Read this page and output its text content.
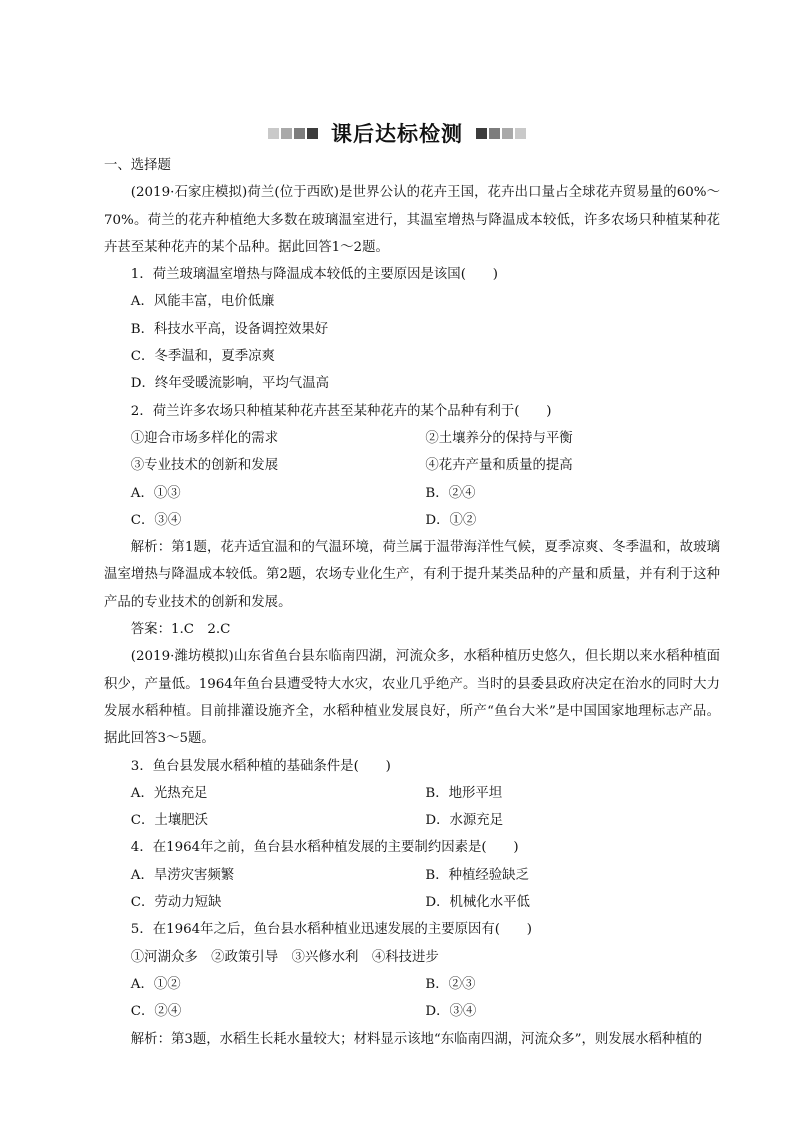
课后达标检测
一、选择题
(2019·石家庄模拟)荷兰(位于西欧)是世界公认的花卉王国，花卉出口量占全球花卉贸易量的60%～70%。荷兰的花卉种植绝大多数在玻璃温室进行，其温室增热与降温成本较低，许多农场只种植某种花卉甚至某种花卉的某个品种。据此回答1～2题。
1．荷兰玻璃温室增热与降温成本较低的主要原因是该国(　　)
A．风能丰富，电价低廉
B．科技水平高，设备调控效果好
C．冬季温和，夏季凉爽
D．终年受暖流影响，平均气温高
2．荷兰许多农场只种植某种花卉甚至某种花卉的某个品种有利于(　　)
①迎合市场多样化的需求	②土壤养分的保持与平衡
③专业技术的创新和发展	④花卉产量和质量的提高
A．①③	B．②④
C．③④	D．①②
解析：第1题，花卉适宜温和的气温环境，荷兰属于温带海洋性气候，夏季凉爽、冬季温和，故玻璃温室增热与降温成本较低。第2题，农场专业化生产，有利于提升某类品种的产量和质量，并有利于这种产品的专业技术的创新和发展。
答案：1.C　2.C
(2019·潍坊模拟)山东省鱼台县东临南四湖，河流众多，水稻种植历史悠久，但长期以来水稻种植面积少，产量低。1964年鱼台县遭受特大水灾，农业几乎绝产。当时的县委县政府决定在治水的同时大力发展水稻种植。目前排灌设施齐全，水稻种植业发展良好，所产“鱼台大米”是中国国家地理标志产品。据此回答3～5题。
3．鱼台县发展水稻种植的基础条件是(　　)
A．光热充足	B．地形平坦
C．土壤肥沃	D．水源充足
4．在1964年之前，鱼台县水稻种植发展的主要制约因素是(　　)
A．旱涝灾害频繁	B．种植经验缺乏
C．劳动力短缺	D．机械化水平低
5．在1964年之后，鱼台县水稻种植业迅速发展的主要原因有(　　)
①河湖众多　②政策引导　③兴修水利　④科技进步
A．①②	B．②③
C．②④	D．③④
解析：第3题，水稻生长耗水量较大；材料显示该地“东临南四湖，河流众多”，则发展水稻种植的
